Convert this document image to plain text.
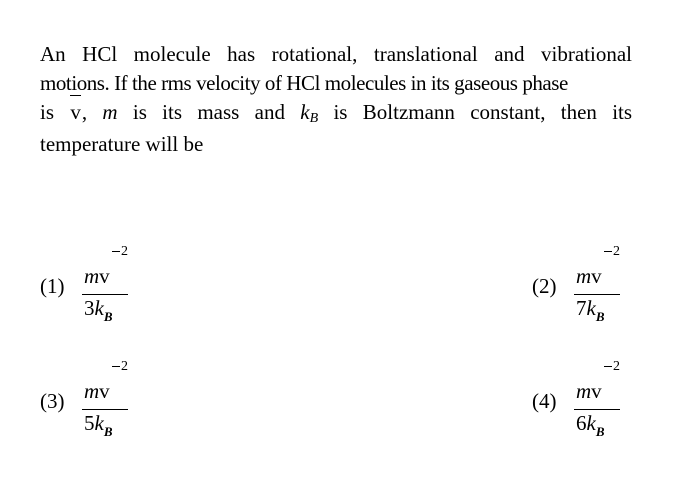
An HCl molecule has rotational, translational and vibrational
motions. If the rms velocity of HCl molecules in its gaseous phase
is v, m is its mass and kB is Boltzmann constant, then its
temperature will be
(1) mv
2
$3k_B$
(2) mv
2
$7k_B$
(3) mv
2
$5k_B$
(4) mv
2
$6k_B$
